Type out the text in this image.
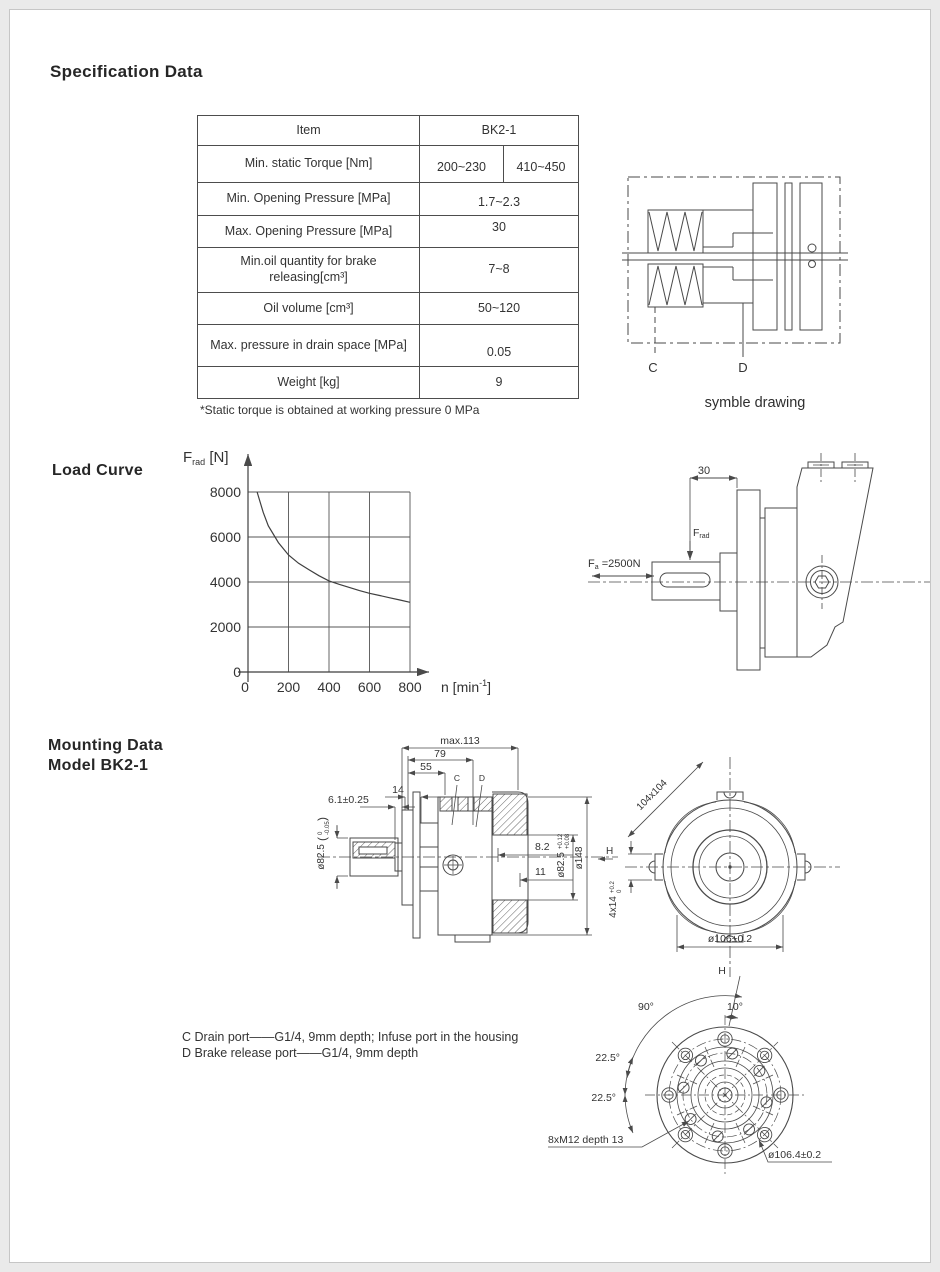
Specification Data
Item	BK2-1	
Min. static Torque [Nm]	200~230	410~450
Min. Opening Pressure [MPa]	1.7~2.3	
Max. Opening Pressure [MPa]	30	
Min.oil quantity for brake releasing[cm³]	7~8	
Oil volume [cm³]	50~120	
Max. pressure in drain space [MPa]	0.05	
Weight [kg]	9	
*Static torque is obtained at working pressure 0 MPa
C	D
symble drawing
Load Curve
8000
6000
4000
2000
0
0 200 400 600 800
$F_{rad}$ [N]
n $[\min^{-1}]$
30
Frad
Fa =2500N
Mounting Data
Model BK2-1
max.113
79
55
14
6.1±0.25
C D
8.2
11 ø82.5
+0.12 +0.08
ø148
ø82.5
(
0 -0.05
)
H
104x104
4x14
+0.2 0
ø106±0.2
C Drain port——G1/4, 9mm depth; Infuse port in the housing
D Brake release port——G1/4, 9mm depth
H
90°	10°
22.5°
22.5°
8xM12 depth 13
ø106.4±0.2
